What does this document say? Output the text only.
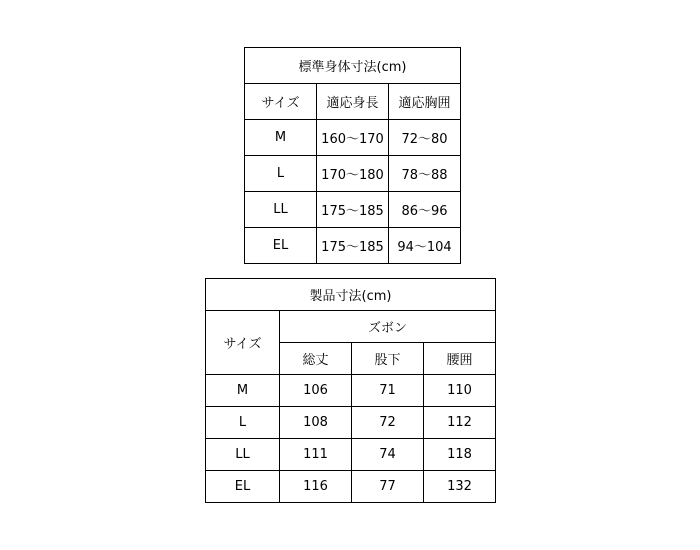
標準身体寸法(cm)		
サイズ	適応身長	適応胸囲
M	160〜170	72〜80
L	170〜180	78〜88
LL	175〜185	86〜96
EL	175〜185	94〜104
製品寸法(cm)			
サイズ	ズボン		
	総丈	股下	腰囲
M	106	71	110
L	108	72	112
LL	111	74	118
EL	116	77	132
